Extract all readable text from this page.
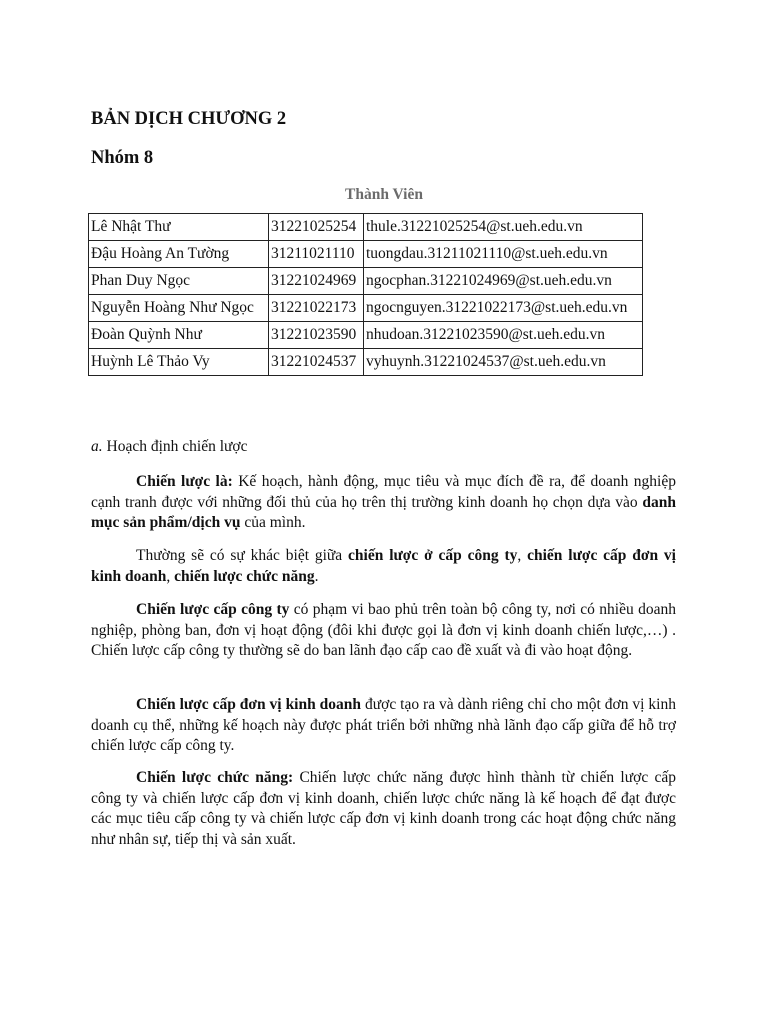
BẢN DỊCH CHƯƠNG 2
Nhóm 8
Thành Viên
Lê Nhật Thư	31221025254	thule.31221025254@st.ueh.edu.vn
Đậu Hoàng An Tường	31211021110	tuongdau.31211021110@st.ueh.edu.vn
Phan Duy Ngọc	31221024969	ngocphan.31221024969@st.ueh.edu.vn
Nguyễn Hoàng Như Ngọc	31221022173	ngocnguyen.31221022173@st.ueh.edu.vn
Đoàn Quỳnh Như	31221023590	nhudoan.31221023590@st.ueh.edu.vn
Huỳnh Lê Thảo Vy	31221024537	vyhuynh.31221024537@st.ueh.edu.vn
a. Hoạch định chiến lược

Chiến lược là: Kế hoạch, hành động, mục tiêu và mục đích đề ra, để doanh nghiệp cạnh tranh được với những đối thủ của họ trên thị trường kinh doanh họ chọn dựa vào danh mục sản phẩm/dịch vụ của mình.

Thường sẽ có sự khác biệt giữa chiến lược ở cấp công ty, chiến lược cấp đơn vị kinh doanh, chiến lược chức năng.

Chiến lược cấp công ty có phạm vi bao phủ trên toàn bộ công ty, nơi có nhiều doanh nghiệp, phòng ban, đơn vị hoạt động (đôi khi được gọi là đơn vị kinh doanh chiến lược,…) . Chiến lược cấp công ty thường sẽ do ban lãnh đạo cấp cao đề xuất và đi vào hoạt động.

Chiến lược cấp đơn vị kinh doanh được tạo ra và dành riêng chỉ cho một đơn vị kinh doanh cụ thể, những kế hoạch này được phát triển bởi những nhà lãnh đạo cấp giữa để hỗ trợ chiến lược cấp công ty.

Chiến lược chức năng: Chiến lược chức năng được hình thành từ chiến lược cấp công ty và chiến lược cấp đơn vị kinh doanh, chiến lược chức năng là kế hoạch để đạt được các mục tiêu cấp công ty và chiến lược cấp đơn vị kinh doanh trong các hoạt động chức năng như nhân sự, tiếp thị và sản xuất.
